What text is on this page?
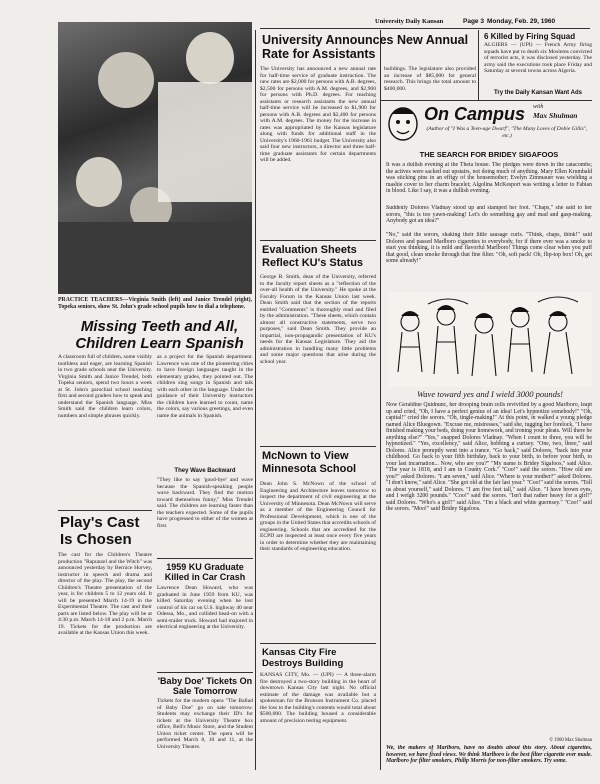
University Daily Kansan	Page 3 Monday, Feb. 29, 1960
PRACTICE TEACHERS—Virginia Smith (left) and Janice Trendel (right), Topeka seniors, show St. John's grade school pupils how to dial a telephone.
Missing Teeth and All, Children Learn Spanish
A classroom full of children, some visibly toothless and eager, are learning Spanish in two grade schools near the University. Virginia Smith and Janice Trendel, both Topeka seniors, spend two hours a week at St. John's parochial school teaching first and second graders how to speak and understand the Spanish language. Miss Smith said the children learn colors, numbers and simple phrases quickly.
as a project for the Spanish department. Lawrence was one of the pioneering cities to have foreign languages taught in the elementary grades, they pointed out. The children sing songs in Spanish and talk with each other in the language. Under the guidance of their University instructors the children have learned to count, name the colors, say various greetings, and even name the animals in Spanish.
They Wave Backward
"They like to say 'good-bye' and wave because the Spanish-speaking people wave backward. They find the motion toward themselves funny," Miss Trendel said. The children are learning faster than the teachers expected. Some of the pupils have progressed to either of the women at first.
Play's Cast Is Chosen
The cast for the Children's Theatre production "Rapunzel and the Witch" was announced yesterday by Bernice Horvey, instructor in speech and drama and director of the play. The play, the second Children's Theatre presentation of the year, is for children 5 to 12 years old. It will be presented March 14-19 in the Experimental Theatre. The cast and their parts are listed below. The play will be at 4:30 p.m. March 14-18 and 2 p.m. March 19. Tickets for the production are available at the Kansas Union this week.
1959 KU Graduate Killed in Car Crash
Lawrence Dean Howard, who was graduated in June 1959 from KU, was killed Saturday evening when he lost control of his car on U.S. highway 40 near Odessa, Mo., and collided head-on with a semi-trailer truck. Howard had majored in electrical engineering at the University.
'Baby Doe' Tickets On Sale Tomorrow
Tickets for the modern opera "The Ballad of Baby Doe" go on sale tomorrow. Students may exchange their ID's for tickets at the University Theatre box office, Bell's Music Store, and the Student Union ticket center. The opera will be performed March 8, 10 and 11, at the University Theatre.
University Announces New Annual Rate for Assistants
The University has announced a new annual rate for half-time service of graduate instruction. The new rates are $2,000 for persons with A.B. degrees, $2,500 for persons with A.M. degrees, and $2,900 for persons with Ph.D. degrees. For teaching assistants or research assistants the new annual half-time service will be increased to $1,900 for persons with A.B. degrees and $2,400 for persons with A.M. degrees. The money for the increase in rates was appropriated by the Kansas legislature along with funds for additional staff in the University's 1960-1961 budget. The University also said four new instructors, a director and three half-time graduate assistants for certain departments will be added.
buildings. The legislature also provided an increase of $85,000 for general research. This brings the total amount to $400,000.
Evaluation Sheets Reflect KU's Status
George B. Smith, dean of the University, referred to the faculty report sheets as a "reflection of the over-all health of the University." He spoke at the Faculty Forum in the Kansas Union last week. Dean Smith said that the section of the reports entitled "Comments" is thoroughly read and filed by the administration. "These sheets, which contain almost all constructive statements, serve two purposes," said Dean Smith. They provide an impartial, non-propagandic presentation of KU's needs for the Kansas Legislature. They aid the administration in handling many little problems and some major questions that arise during the school year.
McNown to View Minnesota School
Dean John S. McNown of the school of Engineering and Architecture leaves tomorrow to inspect the department of civil engineering at the University of Minnesota. Dean McNown will serve as a member of the Engineering Council for Professional Development, which is one of the groups in the United States that accredits schools of engineering. Schools that are accredited for the ECPD are inspected at least once every five years in order to determine whether they are maintaining their standards of engineering education.
Kansas City Fire Destroys Building
KANSAS CITY, Mo. — (UPI) — A three-alarm fire destroyed a two-story building in the heart of downtown Kansas City last night. No official estimate of the damage was available but a spokesman for the Brunson Instrument Co. placed the loss to the building's contents would total about $500,000. The building housed a considerable amount of precision testing equipment.
6 Killed by Firing Squad
ALGIERS — (UPI) — French Army firing squads have put to death six Moslems convicted of terrorist acts, it was disclosed yesterday. The army said the executions took place Friday and Saturday at several towns across Algeria.
Try the Daily Kansan Want Ads
On Campus with
Max Shulman
(Author of "I Was a Teen-age Dwarf", "The Many Loves of Dobie Gillis", etc.)
THE SEARCH FOR BRIDEY SIGAFOOS
It was a dullish evening at the Theta house. The pledges were down in the catacombs; the actives were sacked out upstairs, not doing much of anything. Mary Ellen Krumbald was sticking pins in an effigy of the housemother; Evelyn Zimmauer was wielding a mashie cover to her charm bracelet; Algolina McKesport was writing a letter to Fabian in blood. Like I say, it was a dullish evening.
Suddenly Dolores Vladnay stood up and stamped her foot. "Chaps," she said to her sorors, "this is too yawn-making! Let's do something gay and mad and gasp-making. Anybody got an idea?"
"No," said the sorors, shaking their little sausage curls. "Think, chaps, think!" said Dolores and passed Marlboro cigarettes to everybody, for if there ever was a smoke to start you thinking, it is mild and flavorful Marlboro! Things come clear when you puff that good, clean smoke through that fine filter. "Oh, soft pack! Oh, flip-top box! Oh, get some already!"
Wave toward yes and I wield 3000 pounds!
Now Geraldine Quidnunc, her drooping brain cells revivified by a good Marlboro, leapt up and cried, "Oh, I have a perfect genius of an idea! Let's hypnotize somebody!" "Oh, capital!" cried the sorors. "Oh, tingle-making!" At this point, in walked a young pledge named Alice Bluegown. "Excuse me, mistresses," said she, tugging her forelock, "I have finished making your beds, doing your homework, and ironing your pleats. Will there be anything else?" "Yes," snapped Dolores Vladnay. "When I count to three, you will be hypnotized." "Yes, excellency," said Alice, bobbing a curtsey. "One, two, three," said Dolores. Alice promptly went into a trance. "Go back," said Dolores, "back into your childhood. Go back to your fifth birthday, back to your birth, to before your birth, to your last incarnation... Now, who are you?" "My name is Bridey Sigafoos," said Alice. "The year is 1818, and I am in County Cork." "Coo!" said the sorors. "How old are you?" asked Dolores. "I am seven," said Alice. "Where is your mother?" asked Dolores. "I don't know," said Alice. "She got old at the fair last year." "Coo!" said the sorors. "Tell us about yourself," said Dolores. "I am five feet tall," said Alice. "I have brown eyes, and I weigh 3200 pounds." "Coo!" said the sorors. "Isn't that rather heavy for a girl?" said Dolores. "Who's a girl?" said Alice. "I'm a black and white guernsey." "Coo!" said the sorors. "Moo!" said Bridey Sigafoos.
© 1960 Max Shulman
We, the makers of Marlboro, have no doubts about this story. About cigarettes, however, we have fixed views. We think Marlboro is the best filter cigarette ever made. Marlboro for filter smokers, Philip Morris for non-filter smokers. Try some.
